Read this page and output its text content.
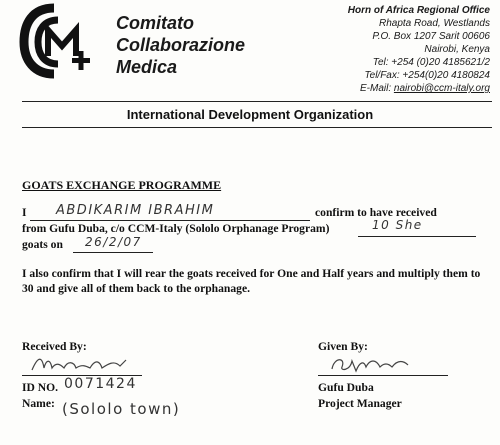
Comitato
Collaborazione
Medica
Horn of Africa Regional Office
Rhapta Road, Westlands
P.O. Box 1207 Sarit 00606
Nairobi, Kenya
Tel: +254 (0)20 4185621/2
Tel/Fax: +254(0)20 4180824
E-Mail: nairobi@ccm-italy.org
International Development Organization
GOATS EXCHANGE PROGRAMME
I ABDIKARIM IBRAHIM	confirm to have received
from Gufu Duba, c/o CCM-Italy (Sololo Orphanage Program)	10 She
goats on 26/2/07
I also confirm that I will rear the goats received for One and Half years and multiply them to 30 and give all of them back to the orphanage.
Received By:
ID NO. 0071424
Name: (Sololo town)
Given By:
Gufu Duba
Project Manager
